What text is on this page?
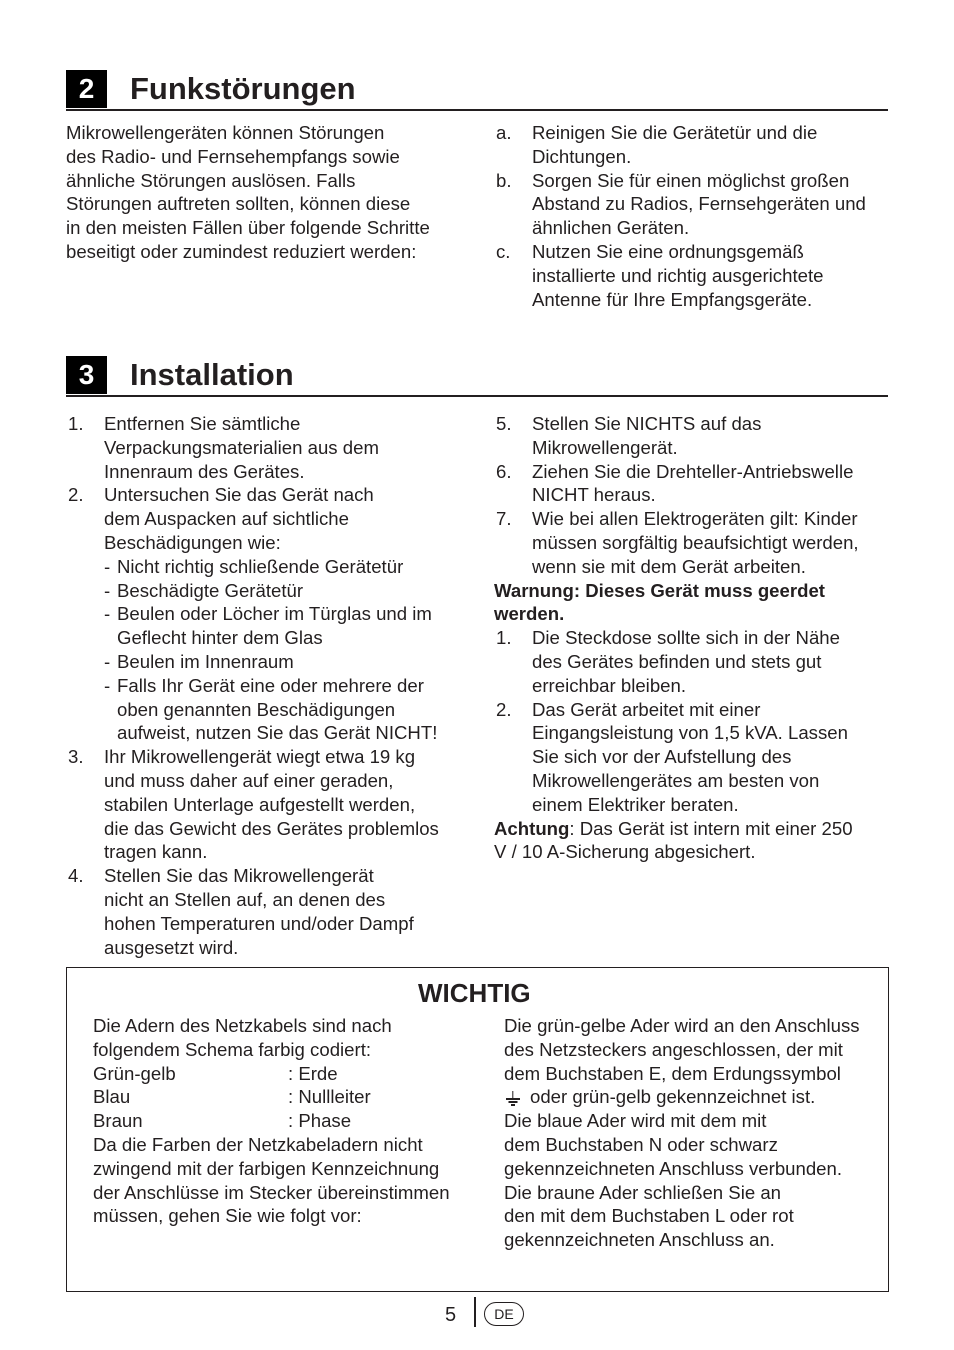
2	Funkstörungen
Mikrowellengeräten können Störungen
des Radio- und Fernsehempfangs sowie
ähnliche Störungen auslösen. Falls
Störungen auftreten sollten, können diese
in den meisten Fällen über folgende Schritte
beseitigt oder zumindest reduziert werden:
a. Reinigen Sie die Gerätetür und die
Dichtungen.
b. Sorgen Sie für einen möglichst großen
Abstand zu Radios, Fernsehgeräten und
ähnlichen Geräten.
c. Nutzen Sie eine ordnungsgemäß
installierte und richtig ausgerichtete
Antenne für Ihre Empfangsgeräte.
3	Installation
1. Entfernen Sie sämtliche
Verpackungsmaterialien aus dem
Innenraum des Gerätes.
2. Untersuchen Sie das Gerät nach
dem Auspacken auf sichtliche
Beschädigungen wie:
- Nicht richtig schließende Gerätetür
- Beschädigte Gerätetür
- Beulen oder Löcher im Türglas und im
Geflecht hinter dem Glas
- Beulen im Innenraum
- Falls Ihr Gerät eine oder mehrere der
oben genannten Beschädigungen
aufweist, nutzen Sie das Gerät NICHT!
3. Ihr Mikrowellengerät wiegt etwa 19 kg
und muss daher auf einer geraden,
stabilen Unterlage aufgestellt werden,
die das Gewicht des Gerätes problemlos
tragen kann.
4. Stellen Sie das Mikrowellengerät
nicht an Stellen auf, an denen des
hohen Temperaturen und/oder Dampf
ausgesetzt wird.
5. Stellen Sie NICHTS auf das
Mikrowellengerät.
6. Ziehen Sie die Drehteller-Antriebswelle
NICHT heraus.
7. Wie bei allen Elektrogeräten gilt: Kinder
müssen sorgfältig beaufsichtigt werden,
wenn sie mit dem Gerät arbeiten.
Warnung: Dieses Gerät muss geerdet
werden.
1. Die Steckdose sollte sich in der Nähe
des Gerätes befinden und stets gut
erreichbar bleiben.
2. Das Gerät arbeitet mit einer
Eingangsleistung von 1,5 kVA. Lassen
Sie sich vor der Aufstellung des
Mikrowellengerätes am besten von
einem Elektriker beraten.
Achtung: Das Gerät ist intern mit einer 250
V / 10 A-Sicherung abgesichert.
WICHTIG
Die Adern des Netzkabels sind nach
folgendem Schema farbig codiert:
Grün-gelb	: Erde
Blau	: Nullleiter
Braun	: Phase
Da die Farben der Netzkabeladern nicht
zwingend mit der farbigen Kennzeichnung
der Anschlüsse im Stecker übereinstimmen
müssen, gehen Sie wie folgt vor:
Die grün-gelbe Ader wird an den Anschluss
des Netzsteckers angeschlossen, der mit
dem Buchstaben E, dem Erdungssymbol
oder grün-gelb gekennzeichnet ist.
Die blaue Ader wird mit dem mit
dem Buchstaben N oder schwarz
gekennzeichneten Anschluss verbunden.
Die braune Ader schließen Sie an
den mit dem Buchstaben L oder rot
gekennzeichneten Anschluss an.
5	DE
